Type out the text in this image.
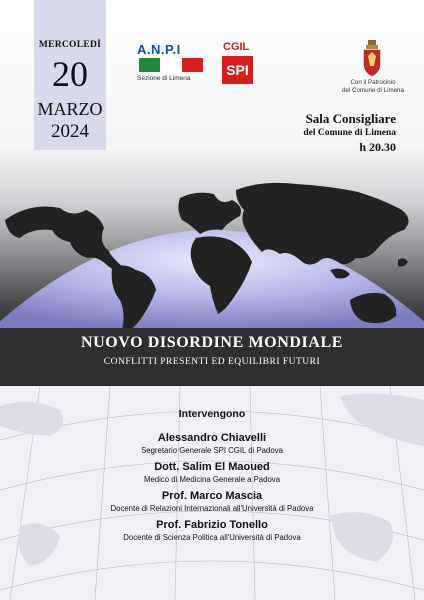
MERCOLEDÌ
20
MARZO
2024
A.N.P.I
Sezione di Limena
CGIL
SPI
Con il Patrocinio
del Comune di Limena
Sala Consigliare
del Comune di Limena
h 20.30
NUOVO DISORDINE MONDIALE
CONFLITTI PRESENTI ED EQUILIBRI FUTURI
Intervengono
Alessandro Chiavelli
Segretario Generale SPI CGIL di Padova
Dott. Salim El Maoued
Medico di Medicina Generale a Padova
Prof. Marco Mascia
Docente di Relazioni Internazionali all'Università di Padova
Prof. Fabrizio Tonello
Docente di Scienza Politica all'Università di Padova
